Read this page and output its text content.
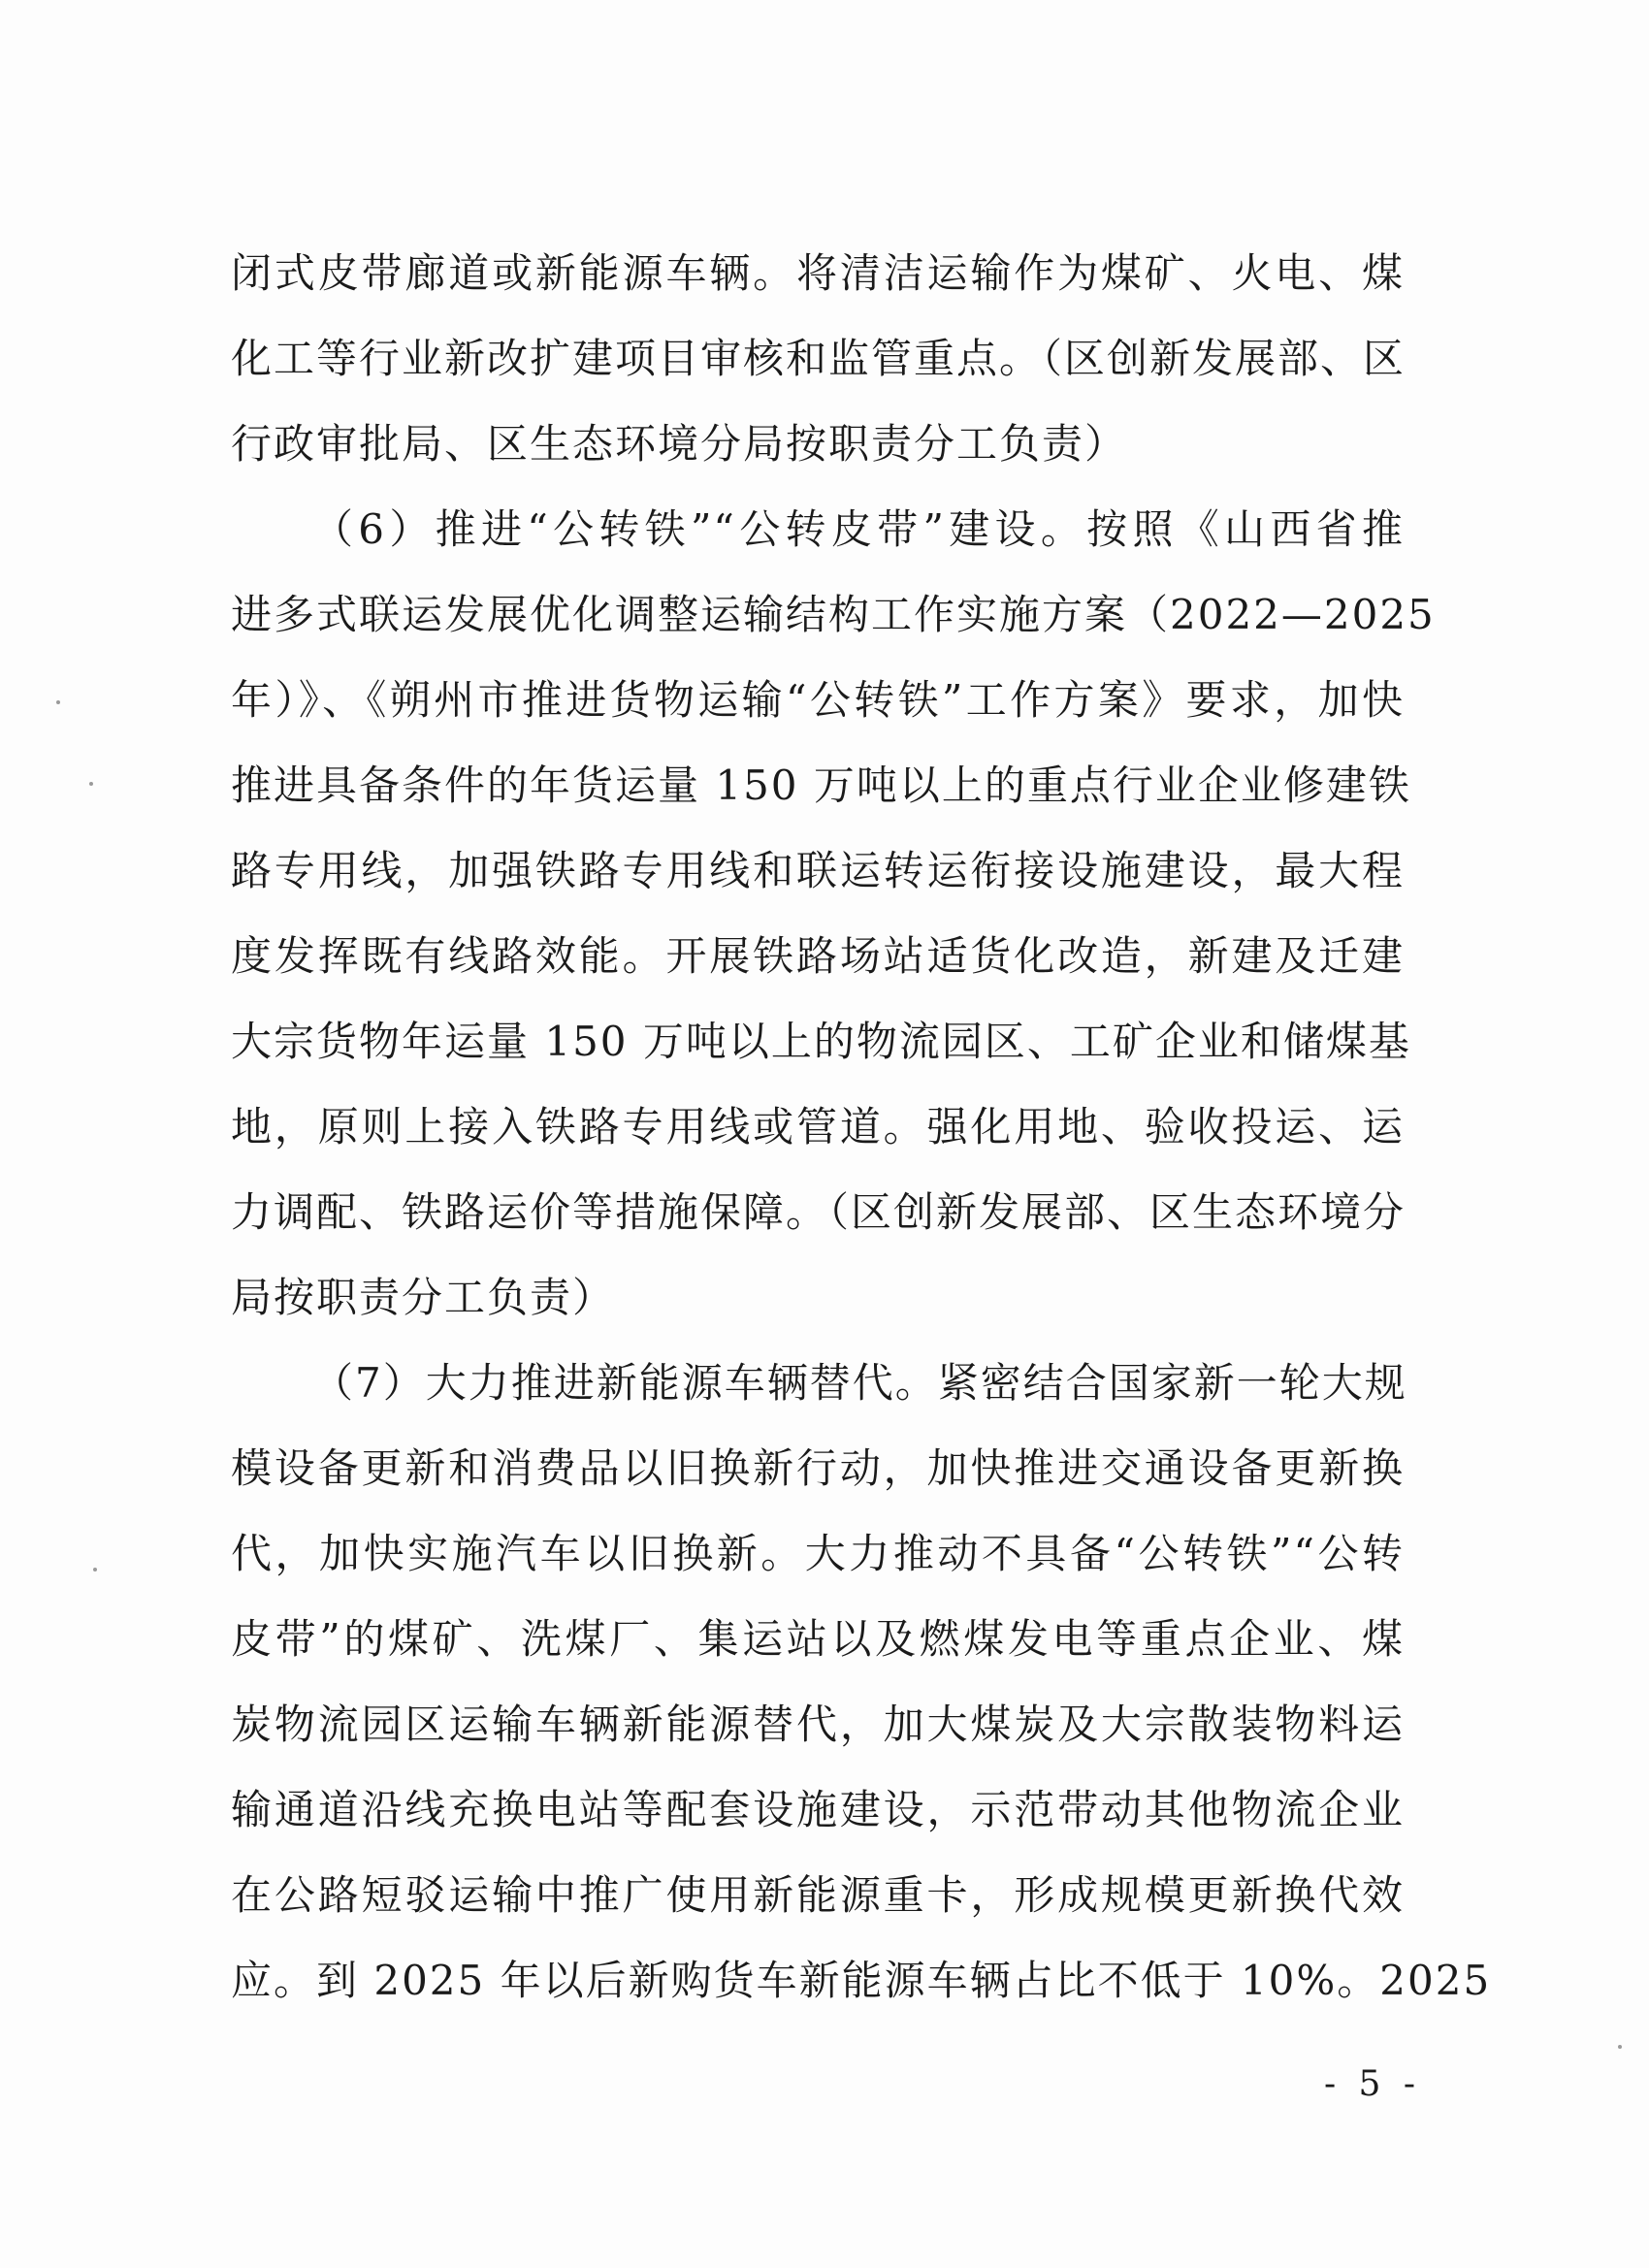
闭式皮带廊道或新能源车辆。将清洁运输作为煤矿、火电、煤
化工等行业新改扩建项目审核和监管重点。（区创新发展部、区
行政审批局、区生态环境分局按职责分工负责）
（6）推进“公转铁”“公转皮带”建设。按照《山西省推
进多式联运发展优化调整运输结构工作实施方案（2022—2025
年）》、《朔州市推进货物运输“公转铁”工作方案》要求，加快
推进具备条件的年货运量 150 万吨以上的重点行业企业修建铁
路专用线，加强铁路专用线和联运转运衔接设施建设，最大程
度发挥既有线路效能。开展铁路场站适货化改造，新建及迁建
大宗货物年运量 150 万吨以上的物流园区、工矿企业和储煤基
地，原则上接入铁路专用线或管道。强化用地、验收投运、运
力调配、铁路运价等措施保障。（区创新发展部、区生态环境分
局按职责分工负责）
（7）大力推进新能源车辆替代。紧密结合国家新一轮大规
模设备更新和消费品以旧换新行动，加快推进交通设备更新换
代，加快实施汽车以旧换新。大力推动不具备“公转铁”“公转
皮带”的煤矿、洗煤厂、集运站以及燃煤发电等重点企业、煤
炭物流园区运输车辆新能源替代，加大煤炭及大宗散装物料运
输通道沿线充换电站等配套设施建设，示范带动其他物流企业
在公路短驳运输中推广使用新能源重卡，形成规模更新换代效
应。到 2025 年以后新购货车新能源车辆占比不低于 10%。2025
- 5 -
